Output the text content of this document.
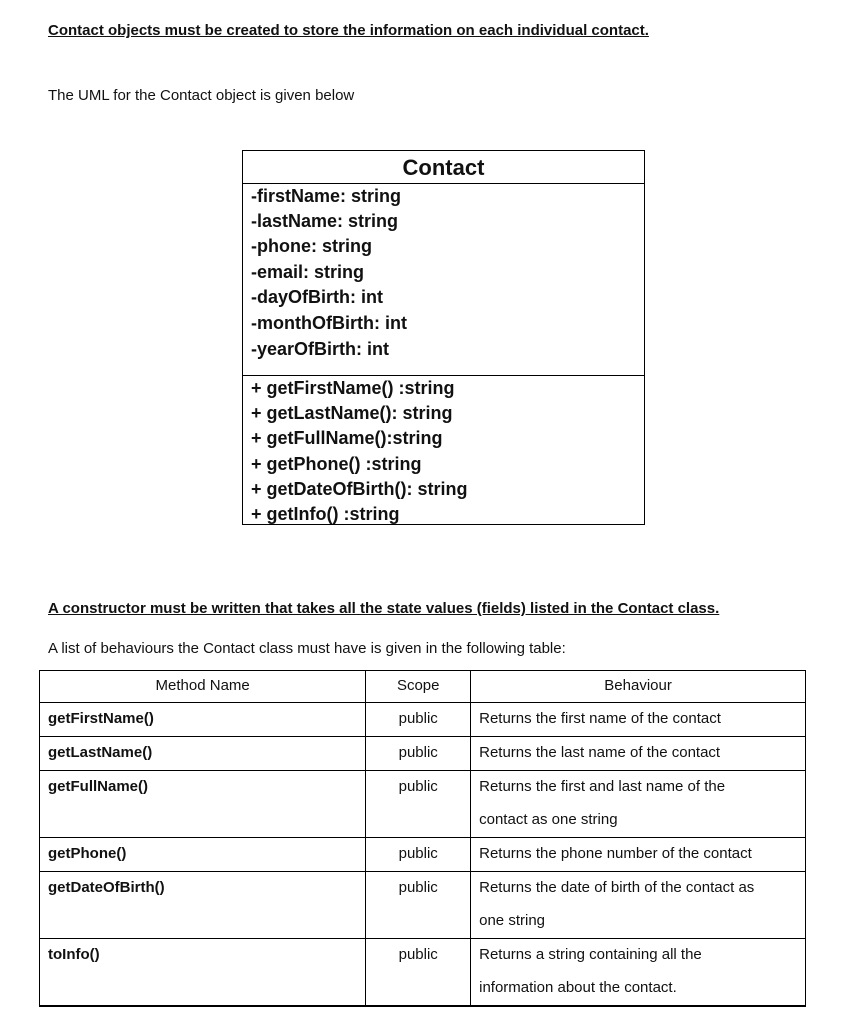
Contact objects must be created to store the information on each individual contact.
The UML for the Contact object is given below
Contact
-firstName: string
-lastName: string
-phone: string
-email: string
-dayOfBirth: int
-monthOfBirth: int
-yearOfBirth: int
+ getFirstName() :string
+ getLastName(): string
+ getFullName():string
+ getPhone() :string
+ getDateOfBirth(): string
+ getInfo() :string
A constructor must be written that takes all the state values (fields) listed in the Contact class.
A list of behaviours the Contact class must have is given in the following table:
Method Name	Scope	Behaviour

getFirstName()	public	Returns the first name of the contact

getLastName()	public	Returns the last name of the contact

getFullName()	public	Returns the first and last name of the
contact as one string

getPhone()	public	Returns the phone number of the contact

getDateOfBirth()	public	Returns the date of birth of the contact as
one string

toInfo()	public	Returns a string containing all the
information about the contact.
